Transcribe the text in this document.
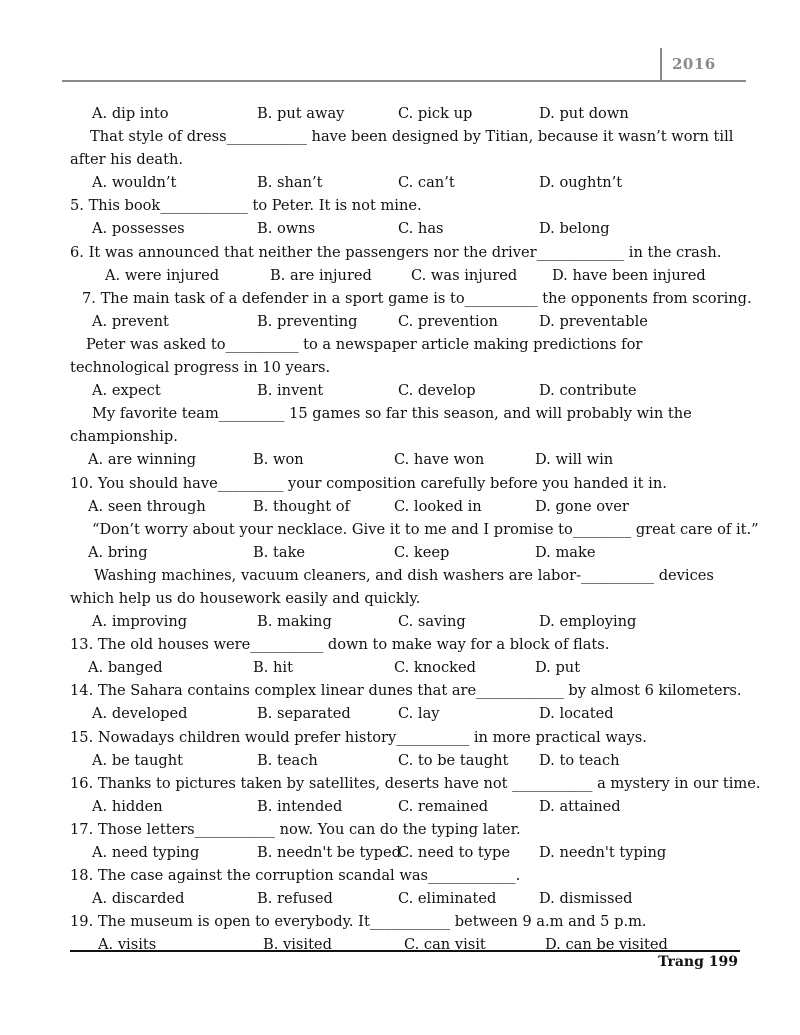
2016
A. dip into	B. put away	C. pick up	D. put down
That style of dress___________ have been designed by Titian, because it wasn’t worn till
after his death.
A. wouldn’t	B. shan’t	C. can’t	D. oughtn’t
5. This book____________ to Peter. It is not mine.
A. possesses	B. owns	C. has	D. belong
6. It was announced that neither the passengers nor the driver____________ in the crash.
A. were injured	B. are injured	C. was injured	D. have been injured
7. The main task of a defender in a sport game is to__________ the opponents from scoring.
A. prevent	B. preventing	C. prevention	D. preventable
Peter was asked to__________ to a newspaper article making predictions for
technological progress in 10 years.
A. expect	B. invent	C. develop	D. contribute
My favorite team_________ 15 games so far this season, and will probably win the
championship.
A. are winning	B. won	C. have won	D. will win
10. You should have_________ your composition carefully before you handed it in.
A. seen through	B. thought of	C. looked in	D. gone over
“Don’t worry about your necklace. Give it to me and I promise to________ great care of it.”
A. bring	B. take	C. keep	D. make
Washing machines, vacuum cleaners, and dish washers are labor-__________ devices
which help us do housework easily and quickly.
A. improving	B. making	C. saving	D. employing
13. The old houses were__________ down to make way for a block of flats.
A. banged	B. hit	C. knocked	D. put
14. The Sahara contains complex linear dunes that are____________ by almost 6 kilometers.
A. developed	B. separated	C. lay	D. located
15. Nowadays children would prefer history__________ in more practical ways.
A. be taught	B. teach	C. to be taught	D. to teach
16. Thanks to pictures taken by satellites, deserts have not ___________ a mystery in our time.
A. hidden	B. intended	C. remained	D. attained
17. Those letters___________ now. You can do the typing later.
A. need typing	B. needn't be typed
C. need to type	D. needn't typing
18. The case against the corruption scandal was____________.
A. discarded	B. refused	C. eliminated	D. dismissed
19. The museum is open to everybody. It___________ between 9 a.m and 5 p.m.
A. visits	B. visited	C. can visit	D. can be visited
Trang 199
